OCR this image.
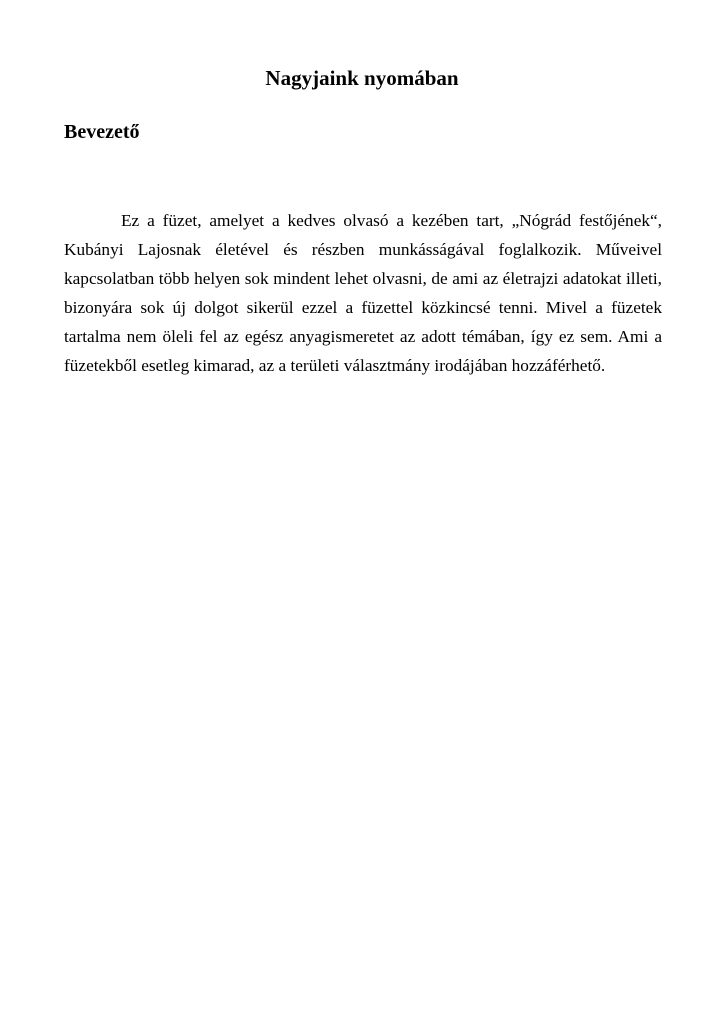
Nagyjaink nyomában
Bevezető

Ez a füzet, amelyet a kedves olvasó a kezében tart, „Nógrád festőjének“, Kubányi Lajosnak életével és részben munkásságával foglalkozik. Műveivel kapcsolatban több helyen sok mindent lehet olvasni, de ami az életrajzi adatokat illeti, bizonyára sok új dolgot sikerül ezzel a füzettel közkincsé tenni. Mivel a füzetek tartalma nem öleli fel az egész anyagismeretet az adott témában, így ez sem. Ami a füzetekből esetleg kimarad, az a területi választmány irodájában hozzáférhető.
